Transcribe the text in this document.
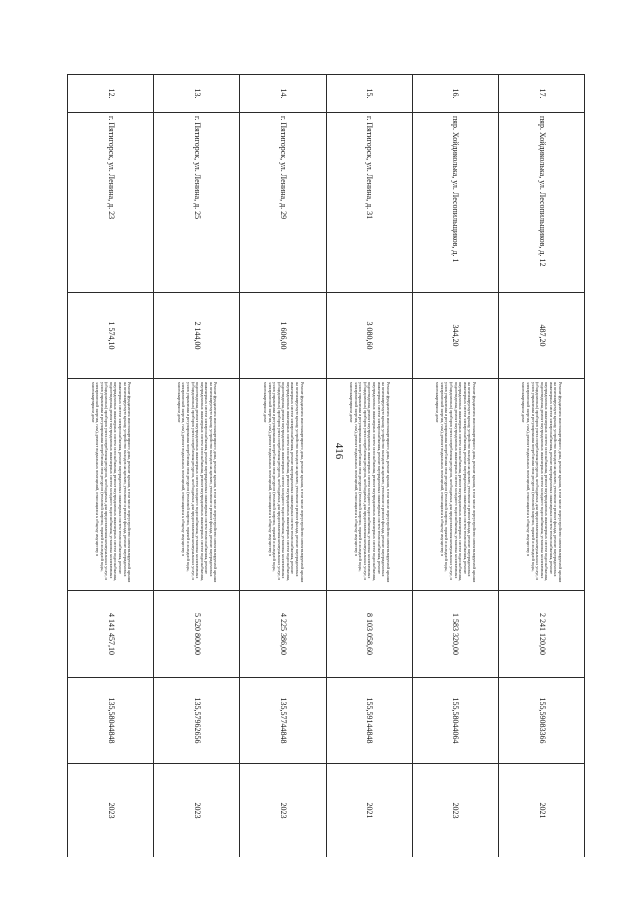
416
17.	пяр. Хойдиколька, ул. Лесопильщиков, д. 12	487,20	Ремонт фундамента многоквартирного дома, ремонт крыши, в том числе переустройство невентилируемой крыши на вентилируемую крышу, устройство выходов на кровлю, утепление и ремонт фасада, ремонт внутридомовых инженерных систем электроснабжения, ремонт внутридомовых инженерных систем теплоснабжения, ремонт внутридомовых инженерных систем газоснабжения, ремонт внутридомовых инженерных систем водоснабжения, водоотведения, ремонт внутридомовых инженерных систем холодного водоснабжения, установка коллективных (общедомовых) приборов учета потребления ресурсов, необходимых для предоставления коммунальных услуг, и узлов управления и регулирования потребления этих ресурсов (тепловой энергии, горячей и холодной воды, электрической энергии, газа), ремонт подвальных помещений, относящихся к общему имуществу в многоквартирном доме	2 241 120,00	155,59083366	2021
16.	пяр. Хойдиколька, ул. Лесопильщиков, д. 1	344,20	Ремонт фундамента многоквартирного дома, ремонт крыши, в том числе переустройство невентилируемой крыши на вентилируемую крышу, устройство выходов на кровлю, утепление и ремонт фасада, ремонт внутридомовых инженерных систем электроснабжения, ремонт внутридомовых инженерных систем теплоснабжения, ремонт внутридомовых инженерных систем газоснабжения, ремонт внутридомовых инженерных систем водоснабжения, водоотведения, ремонт внутридомовых инженерных систем холодного водоснабжения, установка коллективных (общедомовых) приборов учета потребления ресурсов, необходимых для предоставления коммунальных услуг, и узлов управления и регулирования потребления этих ресурсов (тепловой энергии, горячей и холодной воды, электрической энергии, газа), ремонт подвальных помещений, относящихся к общему имуществу в многоквартирном доме	1 583 320,00	155,58044064	2023
15.	г. Пятигорск, ул. Ленина, д. 31	3 080,60	Ремонт фундамента многоквартирного дома, ремонт крыши, в том числе переустройство невентилируемой крыши на вентилируемую крышу, устройство выходов на кровлю, утепление и ремонт фасада, ремонт внутридомовых инженерных систем электроснабжения, ремонт внутридомовых инженерных систем теплоснабжения, ремонт внутридомовых инженерных систем газоснабжения, ремонт внутридомовых инженерных систем водоснабжения, водоотведения, ремонт внутридомовых инженерных систем холодного водоснабжения, установка коллективных (общедомовых) приборов учета потребления ресурсов, необходимых для предоставления коммунальных услуг, и узлов управления и регулирования потребления этих ресурсов (тепловой энергии, горячей и холодной воды, электрической энергии, газа), ремонт подвальных помещений, относящихся к общему имуществу в многоквартирном доме	8 103 058,60	155,59144848	2021
14.	г. Пятигорск, ул. Ленина, д. 29	1 606,00	Ремонт фундамента многоквартирного дома, ремонт крыши, в том числе переустройство невентилируемой крыши на вентилируемую крышу, устройство выходов на кровлю, утепление и ремонт фасада, ремонт внутридомовых инженерных систем электроснабжения, ремонт внутридомовых инженерных систем теплоснабжения, ремонт внутридомовых инженерных систем газоснабжения, ремонт внутридомовых инженерных систем водоснабжения, водоотведения, ремонт внутридомовых инженерных систем холодного водоснабжения, установка коллективных (общедомовых) приборов учета потребления ресурсов, необходимых для предоставления коммунальных услуг, и узлов управления и регулирования потребления этих ресурсов (тепловой энергии, горячей и холодной воды, электрической энергии, газа), ремонт подвальных помещений, относящихся к общему имуществу в многоквартирном доме	4 225 386,00	135,57744848	2023
13.	г. Пятигорск, ул. Ленина, д. 25	2 144,00	Ремонт фундамента многоквартирного дома, ремонт крыши, в том числе переустройство невентилируемой крыши на вентилируемую крышу, устройство выходов на кровлю, утепление и ремонт фасада, ремонт внутридомовых инженерных систем электроснабжения, ремонт внутридомовых инженерных систем теплоснабжения, ремонт внутридомовых инженерных систем газоснабжения, ремонт внутридомовых инженерных систем водоснабжения, водоотведения, ремонт внутридомовых инженерных систем холодного водоснабжения, установка коллективных (общедомовых) приборов учета потребления ресурсов, необходимых для предоставления коммунальных услуг, и узлов управления и регулирования потребления этих ресурсов (тепловой энергии, горячей и холодной воды, электрической энергии, газа), ремонт подвальных помещений, относящихся к общему имуществу в многоквартирном доме	5 520 800,00	135,57962656	2023
12.	г. Пятигорск, ул. Ленина, д. 23	1 574,10	Ремонт фундамента многоквартирного дома, ремонт крыши, в том числе переустройство невентилируемой крыши на вентилируемую крышу, устройство выходов на кровлю, утепление и ремонт фасада, ремонт внутридомовых инженерных систем электроснабжения, ремонт внутридомовых инженерных систем теплоснабжения, ремонт внутридомовых инженерных систем газоснабжения, ремонт внутридомовых инженерных систем водоснабжения, водоотведения, ремонт внутридомовых инженерных систем холодного водоснабжения, установка коллективных (общедомовых) приборов учета потребления ресурсов, необходимых для предоставления коммунальных услуг, и узлов управления и регулирования потребления этих ресурсов (тепловой энергии, горячей и холодной воды, электрической энергии, газа), ремонт подвальных помещений, относящихся к общему имуществу в многоквартирном доме	4 141 457,10	135,58044848	2023
